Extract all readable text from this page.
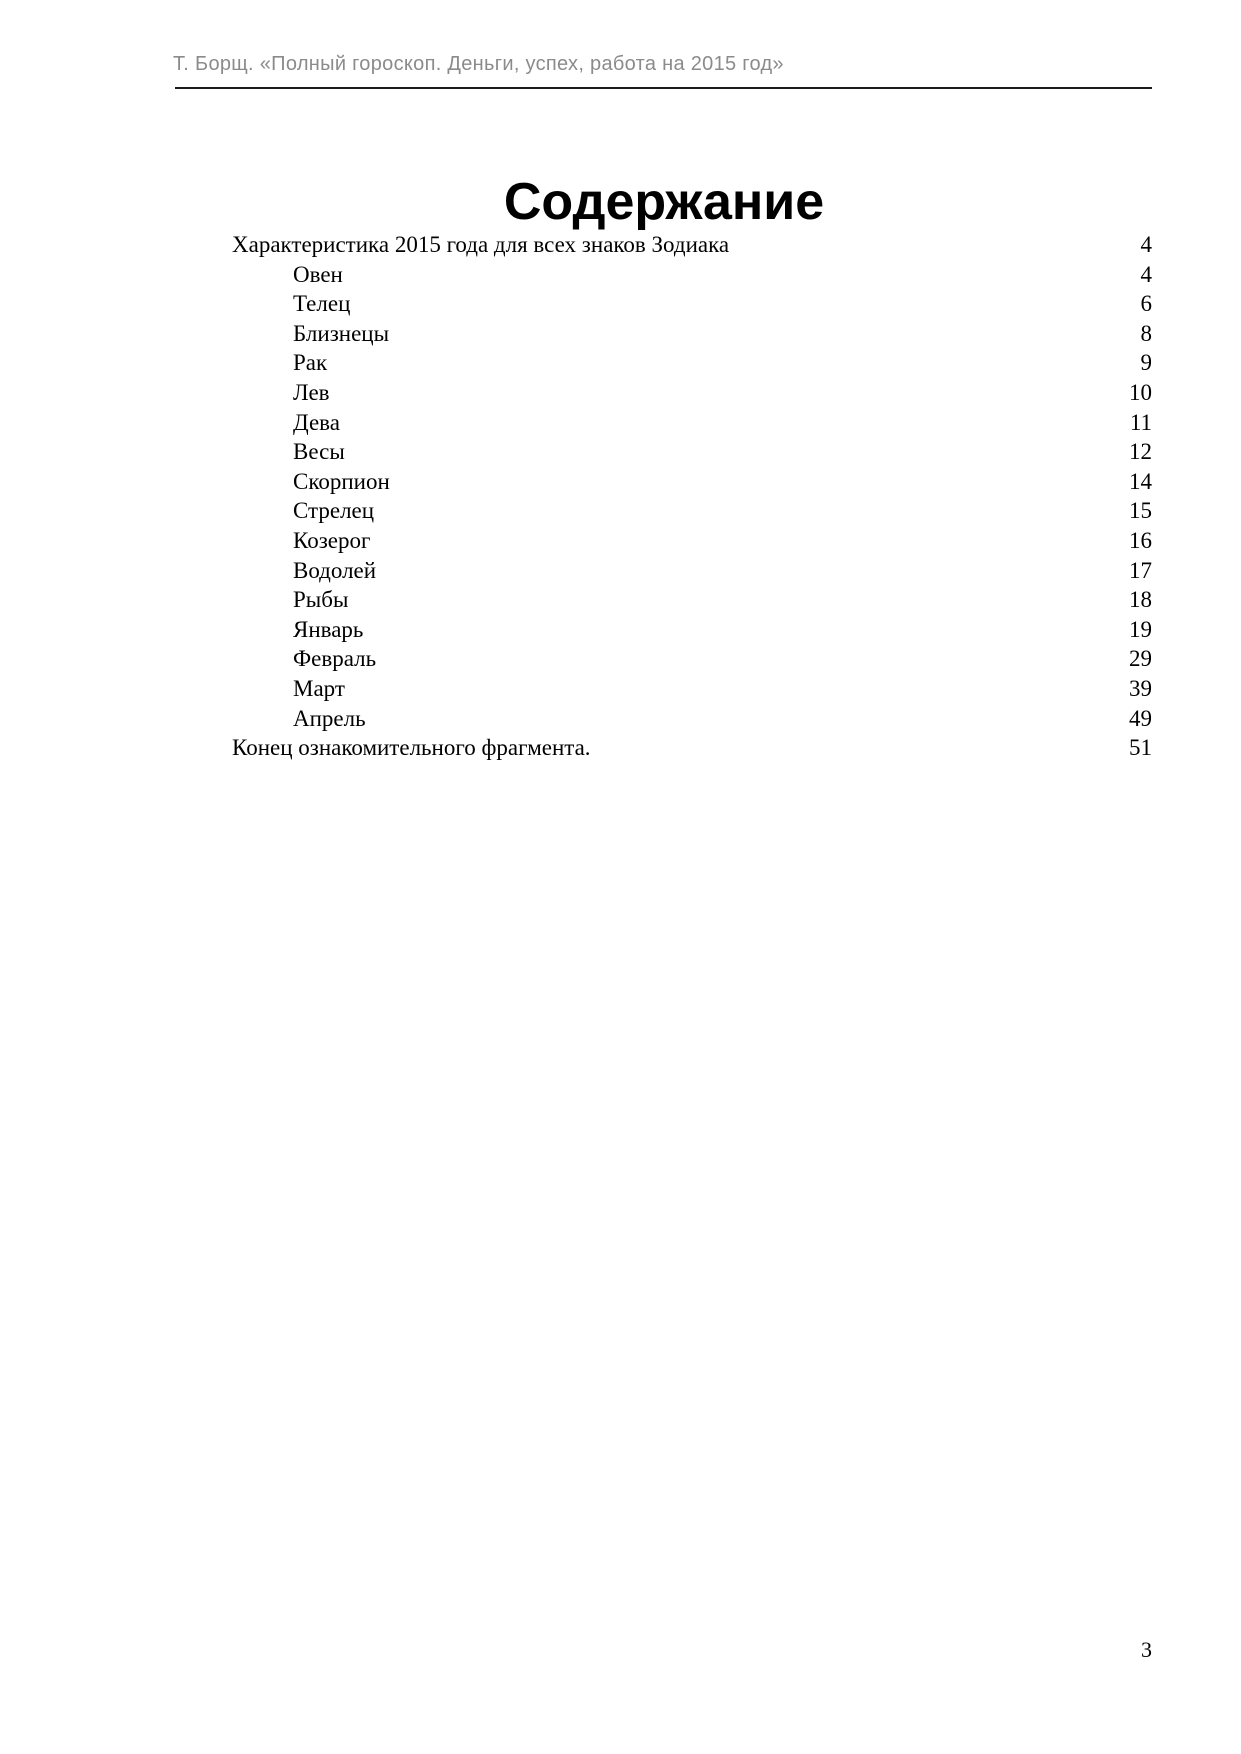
Т. Борщ. «Полный гороскоп. Деньги, успех, работа на 2015 год»
Содержание
Характеристика 2015 года для всех знаков Зодиака	4
Овен	4
Телец	6
Близнецы	8
Рак	9
Лев	10
Дева	11
Весы	12
Скорпион	14
Стрелец	15
Козерог	16
Водолей	17
Рыбы	18
Январь	19
Февраль	29
Март	39
Апрель	49
Конец ознакомительного фрагмента.	51
3
